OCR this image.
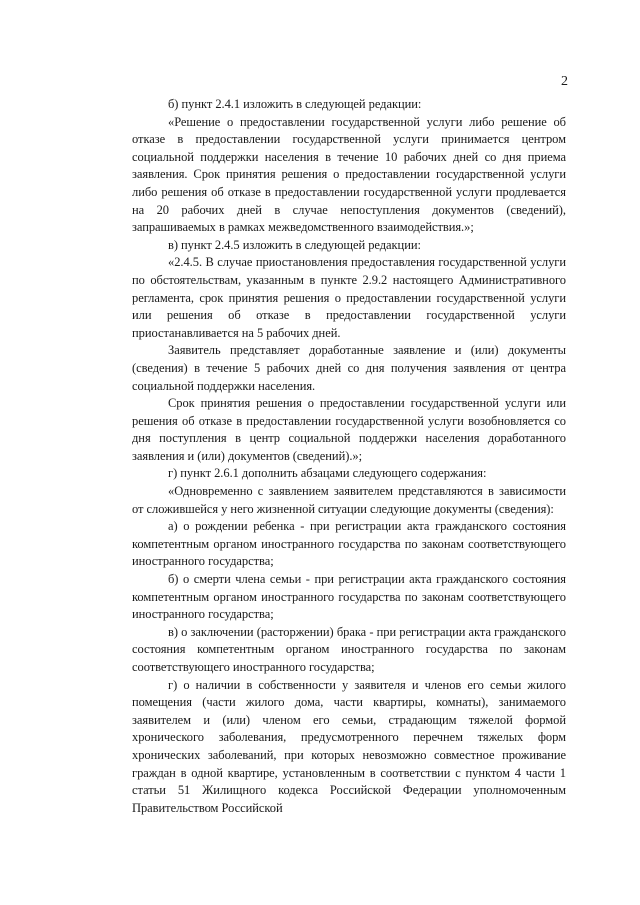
2

б) пункт 2.4.1 изложить в следующей редакции:

«Решение о предоставлении государственной услуги либо решение об отказе в предоставлении государственной услуги принимается центром социальной поддержки населения в течение 10 рабочих дней со дня приема заявления. Срок принятия решения о предоставлении государственной услуги либо решения об отказе в предоставлении государственной услуги продлевается на 20 рабочих дней в случае непоступления документов (сведений), запрашиваемых в рамках межведомственного взаимодействия.»;

в) пункт 2.4.5 изложить в следующей редакции:

«2.4.5. В случае приостановления предоставления государственной услуги по обстоятельствам, указанным в пункте 2.9.2 настоящего Административного регламента, срок принятия решения о предоставлении государственной услуги или решения об отказе в предоставлении государственной услуги приостанавливается на 5 рабочих дней.

Заявитель представляет доработанные заявление и (или) документы (сведения) в течение 5 рабочих дней со дня получения заявления от центра социальной поддержки населения.

Срок принятия решения о предоставлении государственной услуги или решения об отказе в предоставлении государственной услуги возобновляется со дня поступления в центр социальной поддержки населения доработанного заявления и (или) документов (сведений).»;

г) пункт 2.6.1 дополнить абзацами следующего содержания:

«Одновременно с заявлением заявителем представляются в зависимости от сложившейся у него жизненной ситуации следующие документы (сведения):

а) о рождении ребенка - при регистрации акта гражданского состояния компетентным органом иностранного государства по законам соответствующего иностранного государства;

б) о смерти члена семьи - при регистрации акта гражданского состояния компетентным органом иностранного государства по законам соответствующего иностранного государства;

в) о заключении (расторжении) брака - при регистрации акта гражданского состояния компетентным органом иностранного государства по законам соответствующего иностранного государства;

г) о наличии в собственности у заявителя и членов его семьи жилого помещения (части жилого дома, части квартиры, комнаты), занимаемого заявителем и (или) членом его семьи, страдающим тяжелой формой хронического заболевания, предусмотренного перечнем тяжелых форм хронических заболеваний, при которых невозможно совместное проживание граждан в одной квартире, установленным в соответствии с пунктом 4 части 1 статьи 51 Жилищного кодекса Российской Федерации уполномоченным Правительством Российской
